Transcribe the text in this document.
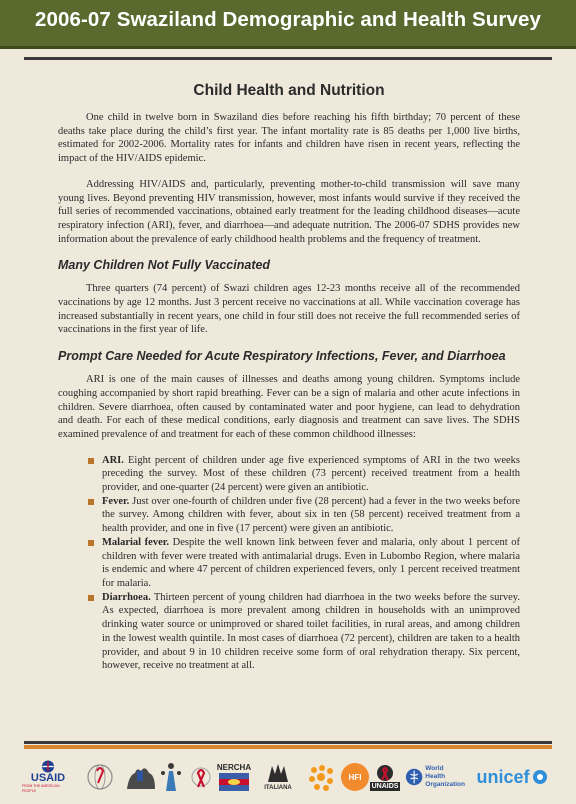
2006-07 Swaziland Demographic and Health Survey
Child Health and Nutrition

One child in twelve born in Swaziland dies before reaching his fifth birthday; 70 percent of these deaths take place during the child’s first year. The infant mortality rate is 85 deaths per 1,000 live births, estimated for 2002-2006. Mortality rates for infants and children have risen in recent years, reflecting the impact of the HIV/AIDS epidemic.

Addressing HIV/AIDS and, particularly, preventing mother-to-child transmission will save many young lives. Beyond preventing HIV transmission, however, most infants would survive if they received the full series of recommended vaccinations, obtained early treatment for the leading childhood diseases—acute respiratory infection (ARI), fever, and diarrhoea—and adequate nutrition. The 2006-07 SDHS provides new information about the prevalence of early childhood health problems and the frequency of treatment.

Many Children Not Fully Vaccinated

Three quarters (74 percent) of Swazi children ages 12-23 months receive all of the recommended vaccinations by age 12 months. Just 3 percent receive no vaccinations at all. While vaccination coverage has increased substantially in recent years, one child in four still does not receive the full recommended series of vaccinations in the first year of life.

Prompt Care Needed for Acute Respiratory Infections, Fever, and Diarrhoea

ARI is one of the main causes of illnesses and deaths among young children. Symptoms include coughing accompanied by short rapid breathing. Fever can be a sign of malaria and other acute infections in children. Severe diarrhoea, often caused by contaminated water and poor hygiene, can lead to dehydration and death. For each of these medical conditions, early diagnosis and treatment can save lives. The SDHS examined prevalence of and treatment for each of these common childhood illnesses:

ARI. Eight percent of children under age five experienced symptoms of ARI in the two weeks preceding the survey. Most of these children (73 percent) received treatment from a health provider, and one-quarter (24 percent) were given an antibiotic.
Fever. Just over one-fourth of children under five (28 percent) had a fever in the two weeks before the survey. Among children with fever, about six in ten (58 percent) received treatment from a health provider, and one in five (17 percent) were given an antibiotic.
Malarial fever. Despite the well known link between fever and malaria, only about 1 percent of children with fever were treated with antimalarial drugs. Even in Lubombo Region, where malaria is endemic and where 47 percent of children experienced fevers, only 1 percent received treatment for malaria.
Diarrhoea. Thirteen percent of young children had diarrhoea in the two weeks before the survey. As expected, diarrhoea is more prevalent among children in households with an unimproved drinking water source or unimproved or shared toilet facilities, in rural areas, and among children in the lowest wealth quintile. In most cases of diarrhoea (72 percent), children are taken to a health provider, and about 9 in 10 children receive some form of oral rehydration therapy. Six percent, however, receive no treatment at all.
USAID
FROM THE AMERICAN PEOPLE
NERCHA
ITALIANA
HFI
UNAIDS
World Health
Organization unicef
